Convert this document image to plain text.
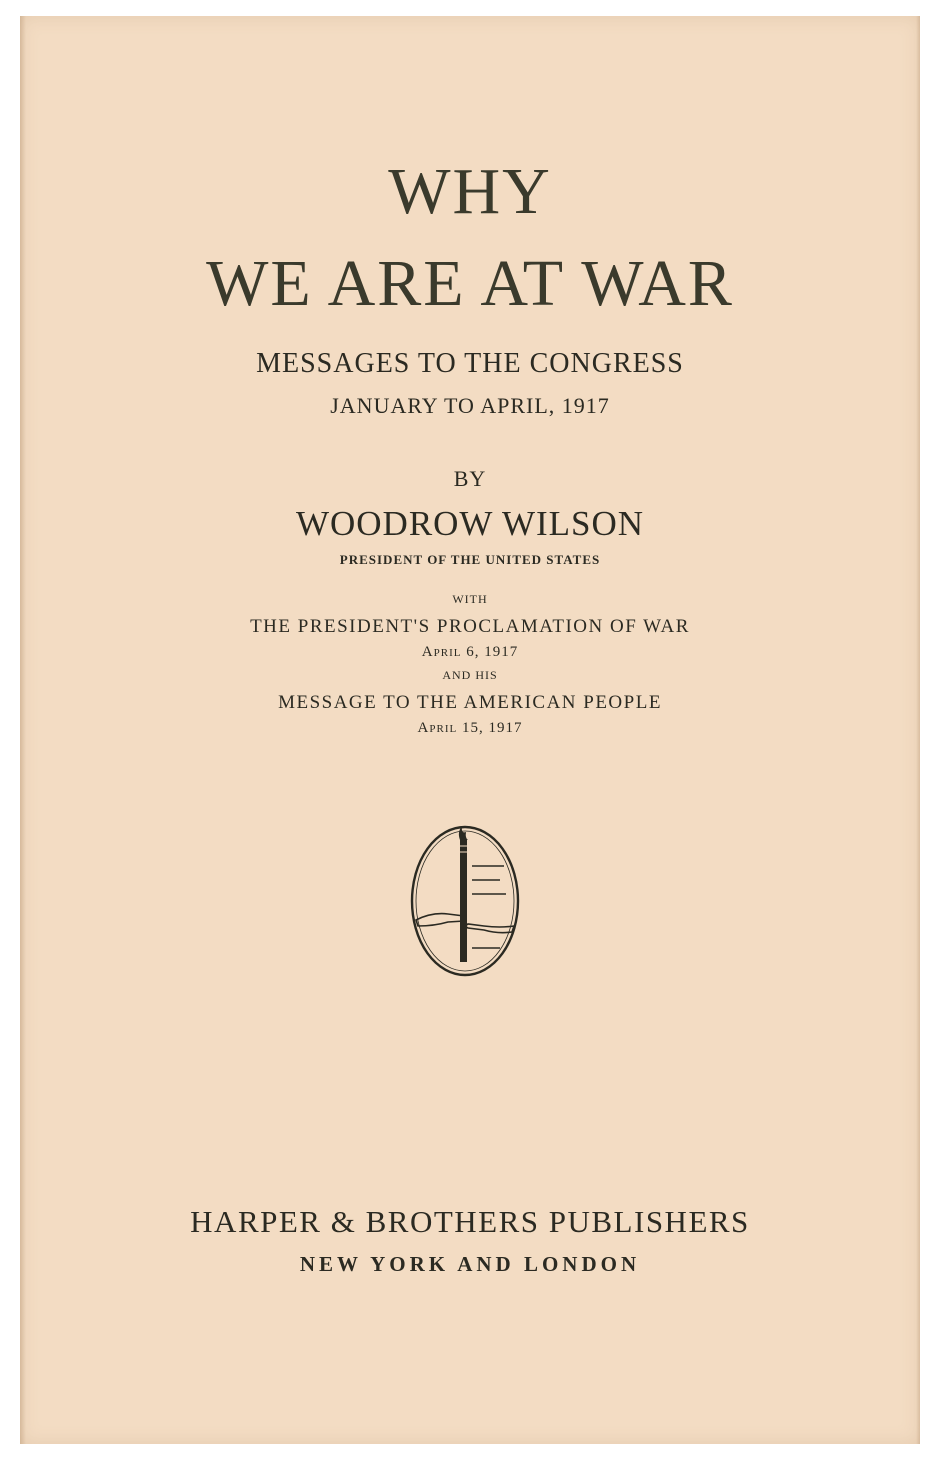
WHY
WE ARE AT WAR
MESSAGES TO THE CONGRESS
JANUARY TO APRIL, 1917
BY
WOODROW WILSON
PRESIDENT OF THE UNITED STATES
WITH
THE PRESIDENT'S PROCLAMATION OF WAR
April 6, 1917
AND HIS
MESSAGE TO THE AMERICAN PEOPLE
April 15, 1917
HARPER & BROTHERS PUBLISHERS
NEW YORK AND LONDON
